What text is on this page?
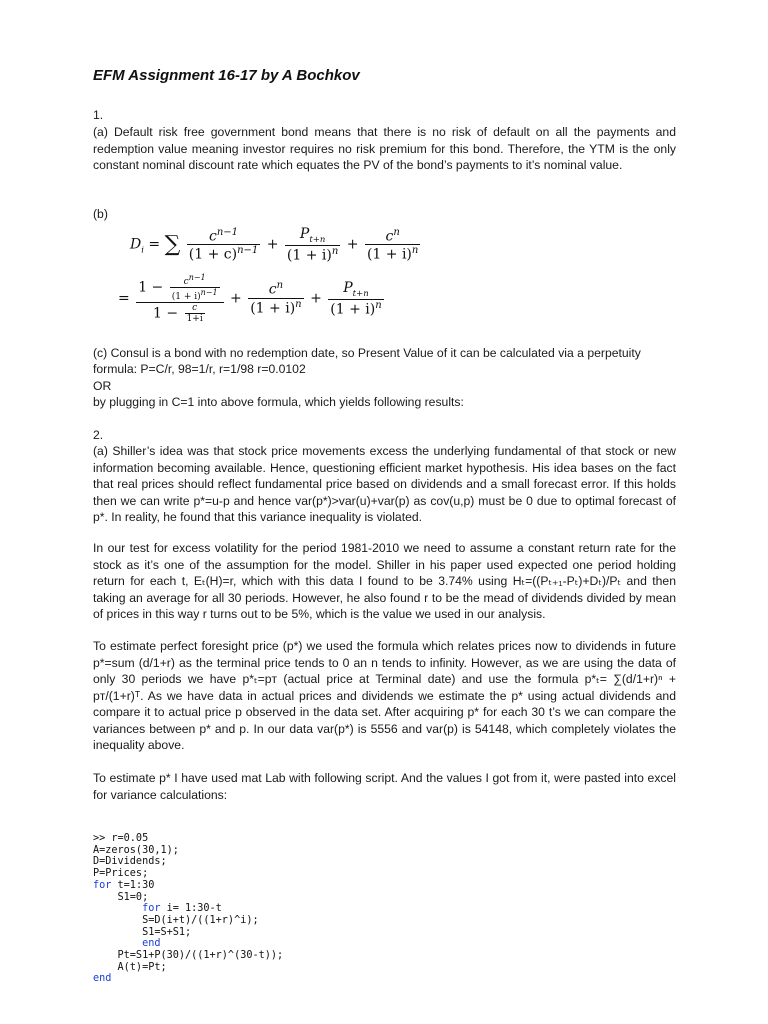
EFM Assignment 16-17 by A Bochkov
1.
(a) Default risk free government bond means that there is no risk of default on all the payments and redemption value meaning investor requires no risk premium for this bond. Therefore, the YTM is the only constant nominal discount rate which equates the PV of the bond’s payments to it’s nominal value.
(b)
$D_i$ = ∑ $\frac{c^{n-1}}{(1 + c)^{n-1}} + \frac{P_{t+n}}{(1 + i)^n} + \frac{c^n}{(1 + i)^n}$
= $\frac{1 - \frac{cn-1}{(1 + i)n-1}}{1 - \frac{c}{1+i}} + \frac{c^n}{(1 + i)^n} + \frac{P_{t+n}}{(1 + i)^n}$
(c) Consul is a bond with no redemption date, so Present Value of it can be calculated via a perpetuity
formula: P=C/r, 98=1/r, r=1/98 r=0.0102
OR
by plugging in C=1 into above formula, which yields following results:
2.
(a) Shiller’s idea was that stock price movements excess the underlying fundamental of that stock or new information becoming available. Hence, questioning efficient market hypothesis. His idea bases on the fact that real prices should reflect fundamental price based on dividends and a small forecast error. If this holds then we can write p*=u-p and hence var(p*)>var(u)+var(p) as cov(u,p) must be 0 due to optimal forecast of p*. In reality, he found that this variance inequality is violated.
In our test for excess volatility for the period 1981-2010 we need to assume a constant return rate for the stock as it’s one of the assumption for the model. Shiller in his paper used expected one period holding return for each t, Eₜ(H)=r, which with this data I found to be 3.74% using Hₜ=((Pₜ₊₁-Pₜ)+Dₜ)/Pₜ and then taking an average for all 30 periods. However, he also found r to be the mead of dividends divided by mean of prices in this way r turns out to be 5%, which is the value we used in our analysis.
To estimate perfect foresight price (p*) we used the formula which relates prices now to dividends in future p*=sum (d/1+r) as the terminal price tends to 0 an n tends to infinity. However, as we are using the data of only 30 periods we have p*ₜ=pᴛ (actual price at Terminal date) and use the formula p*ₜ= ∑(d/1+r)ⁿ + pᴛ/(1+r)ᵀ. As we have data in actual prices and dividends we estimate the p* using actual dividends and compare it to actual price p observed in the data set. After acquiring p* for each 30 t’s we can compare the variances between p* and p. In our data var(p*) is 5556 and var(p) is 54148, which completely violates the inequality above.
To estimate p* I have used mat Lab with following script. And the values I got from it, were pasted into excel for variance calculations:
>> r=0.05
A=zeros(30,1);
D=Dividends;
P=Prices;
for t=1:30
S1=0;
for i= 1:30-t
S=D(i+t)/((1+r)^i);
S1=S+S1;
end
Pt=S1+P(30)/((1+r)^(30-t));
A(t)=Pt;
end
